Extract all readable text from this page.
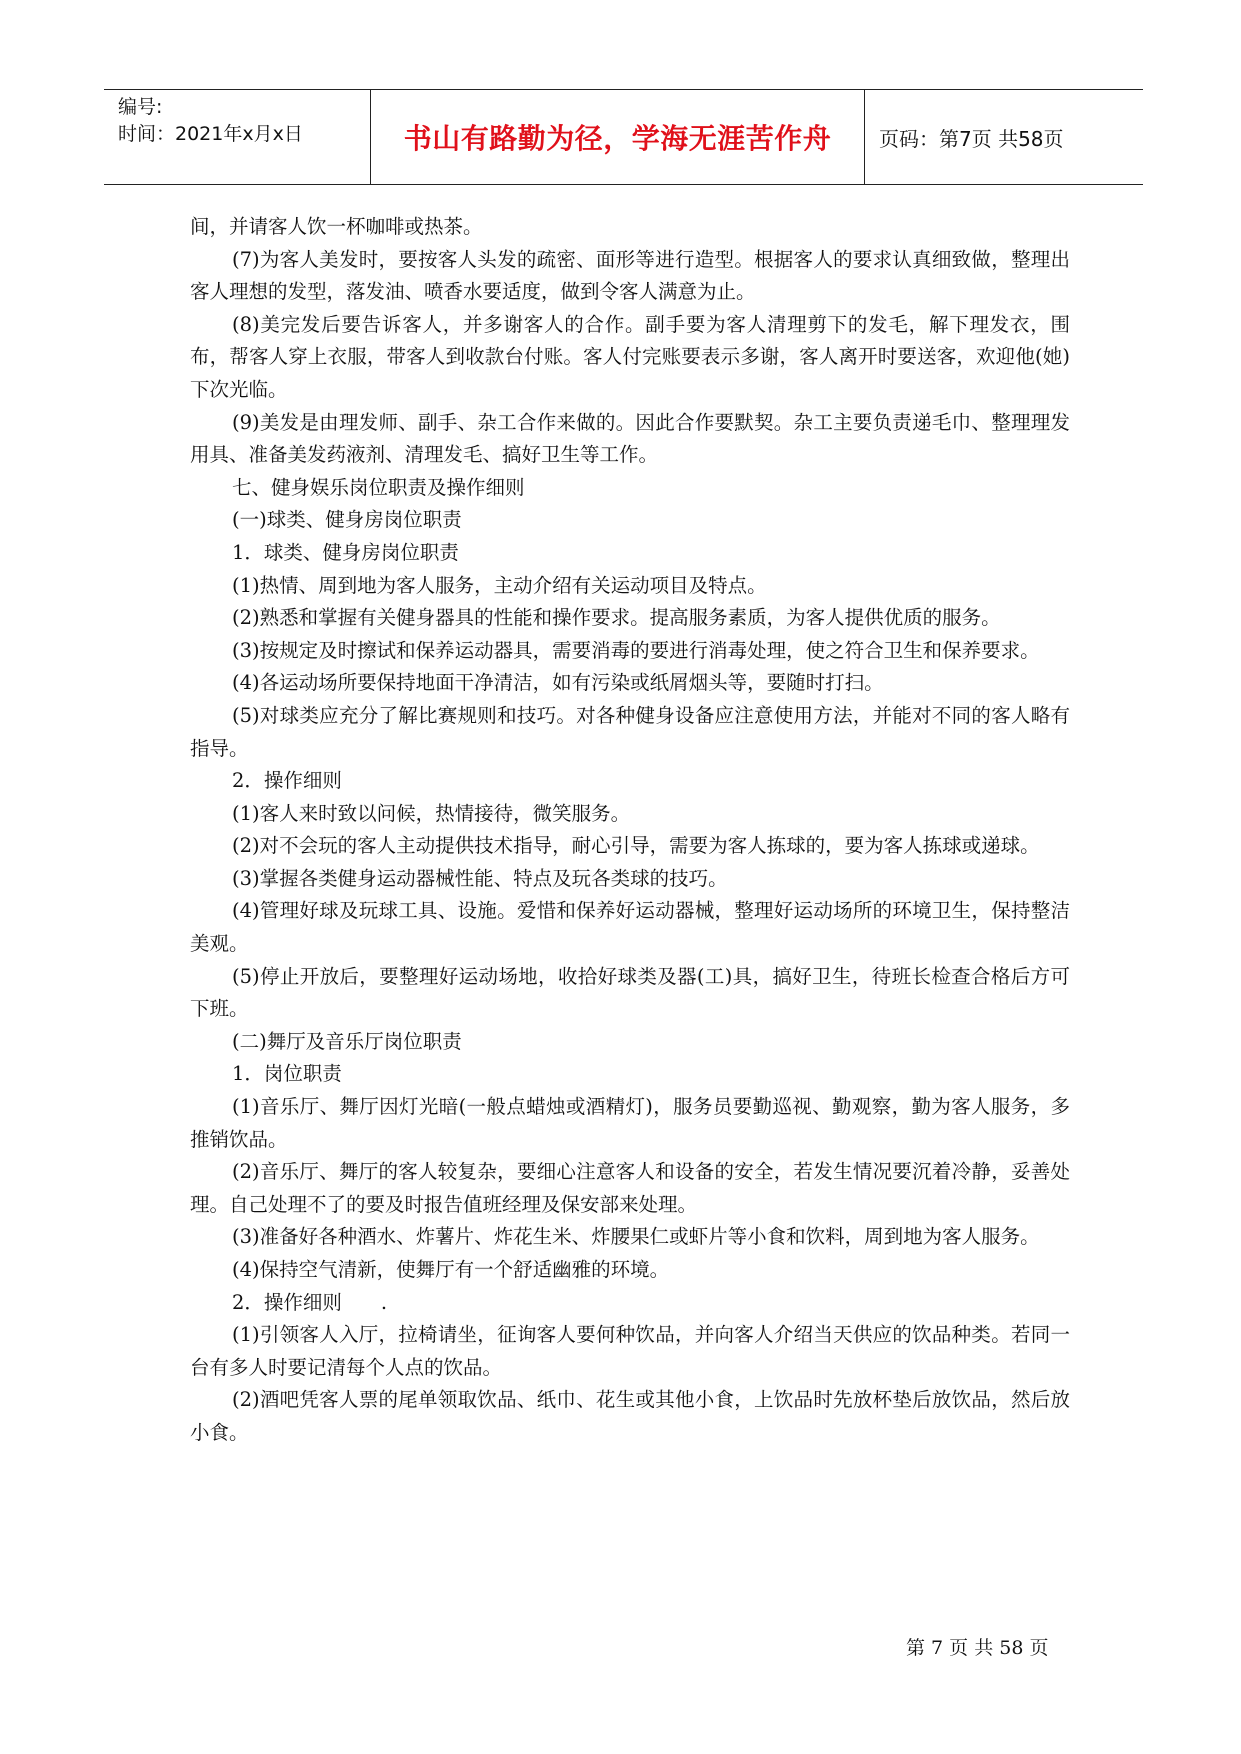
编号:
时间：2021年x月x日	书山有路勤为径，学海无涯苦作舟 页码：第7页 共58页

间，并请客人饮一杯咖啡或热茶。

(7)为客人美发时，要按客人头发的疏密、面形等进行造型。根据客人的要求认真细致做，整理出客人理想的发型，落发油、喷香水要适度，做到令客人满意为止。

(8)美完发后要告诉客人，并多谢客人的合作。副手要为客人清理剪下的发毛，解下理发衣，围布，帮客人穿上衣服，带客人到收款台付账。客人付完账要表示多谢，客人离开时要送客，欢迎他(她)下次光临。

(9)美发是由理发师、副手、杂工合作来做的。因此合作要默契。杂工主要负责递毛巾、整理理发用具、准备美发药液剂、清理发毛、搞好卫生等工作。

七、健身娱乐岗位职责及操作细则

(一)球类、健身房岗位职责

1．球类、健身房岗位职责

(1)热情、周到地为客人服务，主动介绍有关运动项目及特点。

(2)熟悉和掌握有关健身器具的性能和操作要求。提高服务素质，为客人提供优质的服务。

(3)按规定及时擦试和保养运动器具，需要消毒的要进行消毒处理，使之符合卫生和保养要求。

(4)各运动场所要保持地面干净清洁，如有污染或纸屑烟头等，要随时打扫。

(5)对球类应充分了解比赛规则和技巧。对各种健身设备应注意使用方法，并能对不同的客人略有指导。

2．操作细则

(1)客人来时致以问候，热情接待，微笑服务。

(2)对不会玩的客人主动提供技术指导，耐心引导，需要为客人拣球的，要为客人拣球或递球。

(3)掌握各类健身运动器械性能、特点及玩各类球的技巧。

(4)管理好球及玩球工具、设施。爱惜和保养好运动器械，整理好运动场所的环境卫生，保持整洁美观。

(5)停止开放后，要整理好运动场地，收拾好球类及器(工)具，搞好卫生，待班长检查合格后方可下班。

(二)舞厅及音乐厅岗位职责

1．岗位职责

(1)音乐厅、舞厅因灯光暗(一般点蜡烛或酒精灯)，服务员要勤巡视、勤观察，勤为客人服务，多推销饮品。

(2)音乐厅、舞厅的客人较复杂，要细心注意客人和设备的安全，若发生情况要沉着冷静，妥善处理。自己处理不了的要及时报告值班经理及保安部来处理。

(3)准备好各种酒水、炸薯片、炸花生米、炸腰果仁或虾片等小食和饮料，周到地为客人服务。

(4)保持空气清新，使舞厅有一个舒适幽雅的环境。

2．操作细则　　.

(1)引领客人入厅，拉椅请坐，征询客人要何种饮品，并向客人介绍当天供应的饮品种类。若同一台有多人时要记清每个人点的饮品。

(2)酒吧凭客人票的尾单领取饮品、纸巾、花生或其他小食，上饮品时先放杯垫后放饮品，然后放小食。

第 7 页 共 58 页
